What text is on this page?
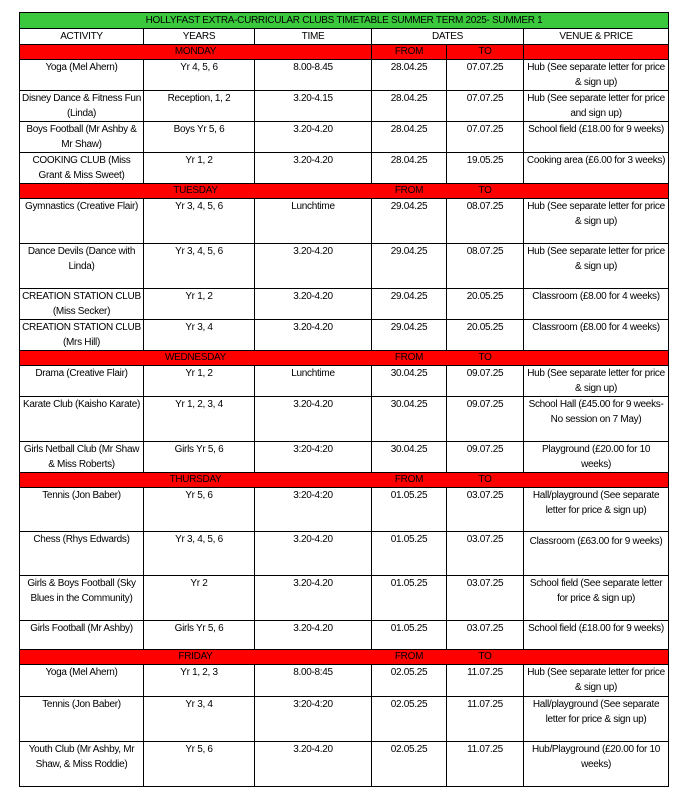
HOLLYFAST EXTRA-CURRICULAR CLUBS TIMETABLE SUMMER TERM 2025- SUMMER 1					
ACTIVITY	YEARS	TIME	DATES		VENUE & PRICE
MONDAY			FROM	TO	
Yoga (Mel Ahern)	Yr 4, 5, 6	8.00-8.45	28.04.25	07.07.25	Hub (See separate letter for price & sign up)
Disney Dance & Fitness Fun (Linda)	Reception, 1, 2	3.20-4.15	28.04.25	07.07.25	Hub (See separate letter for price and sign up)
Boys Football (Mr Ashby & Mr Shaw)	Boys Yr 5, 6	3.20-4.20	28.04.25	07.07.25	School field (£18.00 for 9 weeks)
COOKING CLUB (Miss Grant & Miss Sweet)	Yr 1, 2	3.20-4.20	28.04.25	19.05.25	Cooking area (£6.00 for 3 weeks)
TUESDAY			FROM	TO	
Gymnastics (Creative Flair)	Yr 3, 4, 5, 6	Lunchtime	29.04.25	08.07.25	Hub (See separate letter for price & sign up)
Dance Devils (Dance with Linda)	Yr 3, 4, 5, 6	3.20-4.20	29.04.25	08.07.25	Hub (See separate letter for price & sign up)
CREATION STATION CLUB (Miss Secker)	Yr 1, 2	3.20-4.20	29.04.25	20.05.25	Classroom (£8.00 for 4 weeks)
CREATION STATION CLUB (Mrs Hill)	Yr 3, 4	3.20-4.20	29.04.25	20.05.25	Classroom (£8.00 for 4 weeks)
WEDNESDAY			FROM	TO	
Drama (Creative Flair)	Yr 1, 2	Lunchtime	30.04.25	09.07.25	Hub (See separate letter for price & sign up)
Karate Club (Kaisho Karate)	Yr 1, 2, 3, 4	3.20-4.20	30.04.25	09.07.25	School Hall (£45.00 for 9 weeks- No session on 7 May)
Girls Netball Club (Mr Shaw & Miss Roberts)	Girls Yr 5, 6	3:20-4:20	30.04.25	09.07.25	Playground (£20.00 for 10 weeks)
THURSDAY			FROM	TO	
Tennis (Jon Baber)	Yr 5, 6	3:20-4:20	01.05.25	03.07.25	Hall/playground (See separate letter for price & sign up)
Chess (Rhys Edwards)	Yr 3, 4, 5, 6	3.20-4.20	01.05.25	03.07.25	Classroom (£63.00 for 9 weeks)
Girls & Boys Football (Sky Blues in the Community)	Yr 2	3.20-4.20	01.05.25	03.07.25	School field (See separate letter for price & sign up)
Girls Football (Mr Ashby)	Girls Yr 5, 6	3.20-4.20	01.05.25	03.07.25	School field (£18.00 for 9 weeks)
FRIDAY			FROM	TO	
Yoga (Mel Ahern)	Yr 1, 2, 3	8.00-8:45	02.05.25	11.07.25	Hub (See separate letter for price & sign up)
Tennis (Jon Baber)	Yr 3, 4	3:20-4:20	02.05.25	11.07.25	Hall/playground (See separate letter for price & sign up)
Youth Club (Mr Ashby, Mr Shaw, & Miss Roddie)	Yr 5, 6	3.20-4.20	02.05.25	11.07.25	Hub/Playground (£20.00 for 10 weeks)
